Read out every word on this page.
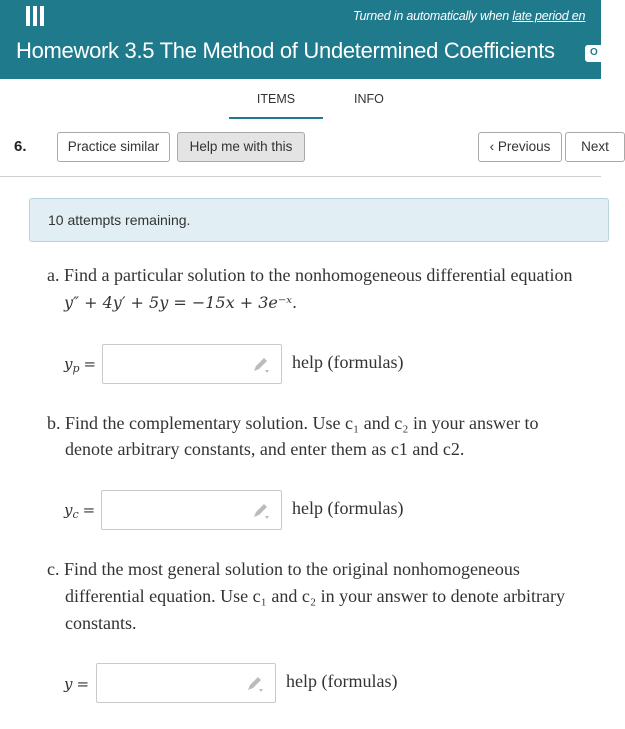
Turned in automatically when late period en
Homework 3.5 The Method of Undetermined Coefficients	O
ITEMS	INFO
6.	Practice similar	Help me with this	‹ Previous	Next
10 attempts remaining.
a. Find a particular solution to the nonhomogeneous differential equation
y″ + 4y′ + 5y = −15x + 3e⁻ˣ.
$y_p$ =	help (formulas)
b. Find the complementary solution. Use c₁ and c₂ in your answer to
denote arbitrary constants, and enter them as c1 and c2.
$y_c$ =	help (formulas)
c. Find the most general solution to the original nonhomogeneous
differential equation. Use c₁ and c₂ in your answer to denote arbitrary
constants.
y =	help (formulas)
